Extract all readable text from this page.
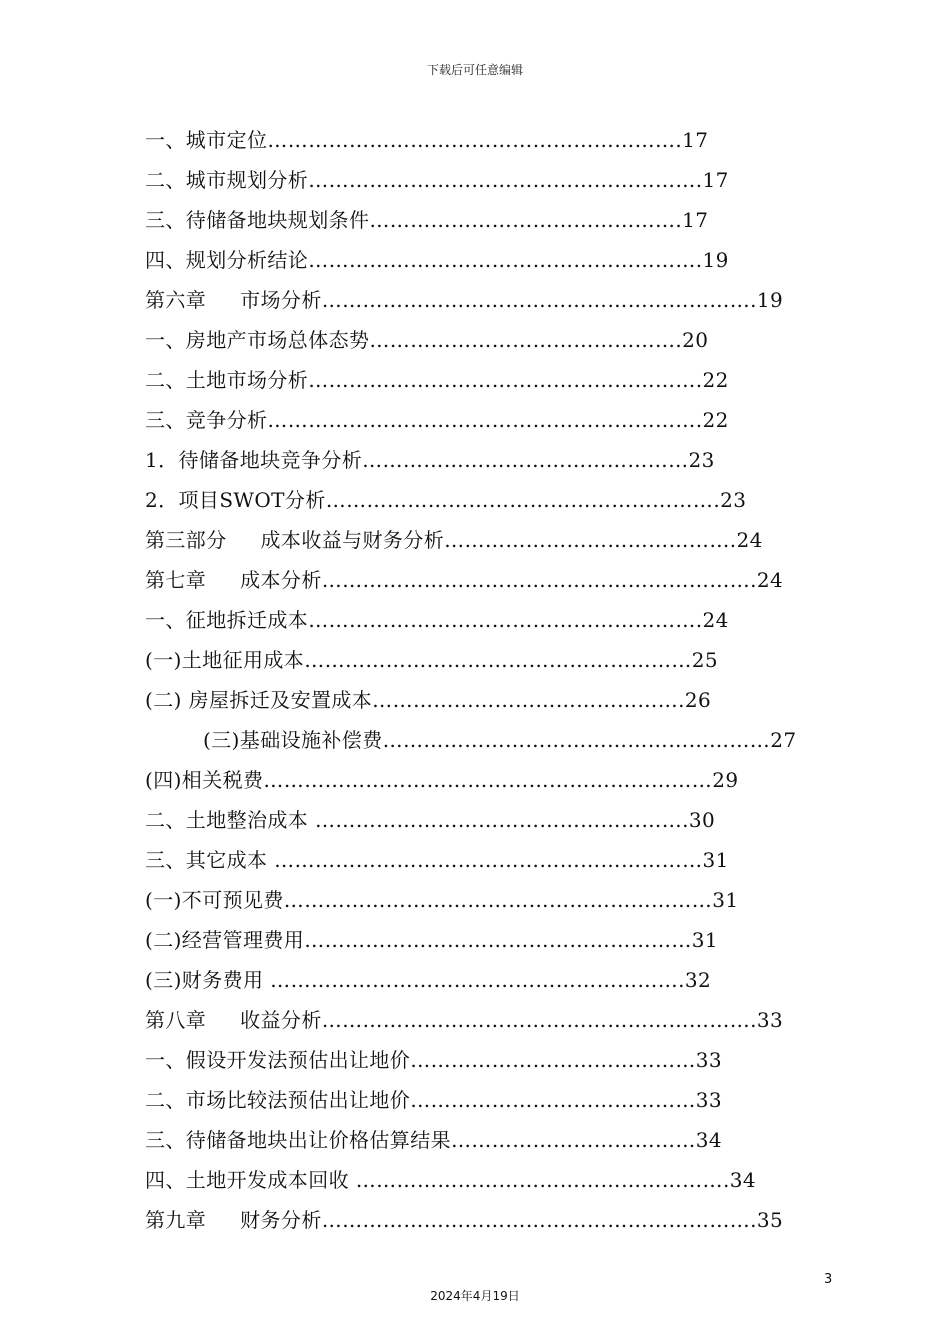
下载后可任意编辑
一、城市定位…………………………………………………….17
二、城市规划分析………………………………………………….17
三、待储备地块规划条件……………………………………….17
四、规划分析结论………………………………………………….19
第六章 　 市场分析……………………………………………………….19
一、房地产市场总体态势……………………………………….20
二、土地市场分析………………………………………………….22
三、竞争分析……………………………………………………….22
1．待储备地块竞争分析…………………………………………23
2．项目SWOT分析………………………………………………….23
第三部分 　 成本收益与财务分析…………………………………….24
第七章 　 成本分析……………………………………………………….24
一、征地拆迁成本………………………………………………….24
(一)土地征用成本…………………………………………………25
(二) 房屋拆迁及安置成本……………………………………….26
(三)基础设施补偿费…………………………………………………27
(四)相关税费…………………………………………………………29
二、土地整治成本 ……………………………………………….30
三、其它成本 ………………………………………………………31
(一)不可预见费………………………………………………………31
(二)经营管理费用…………………………………………………31
(三)财务费用 …………………………………………………….32
第八章 　 收益分析……………………………………………………….33
一、假设开发法预估出让地价……………………………………33
二、市场比较法预估出让地价……………………………………33
三、待储备地块出让价格估算结果………………………………34
四、土地开发成本回收 ……………………………………………….34
第九章 　 财务分析……………………………………………………….35
3
2024年4月19日
